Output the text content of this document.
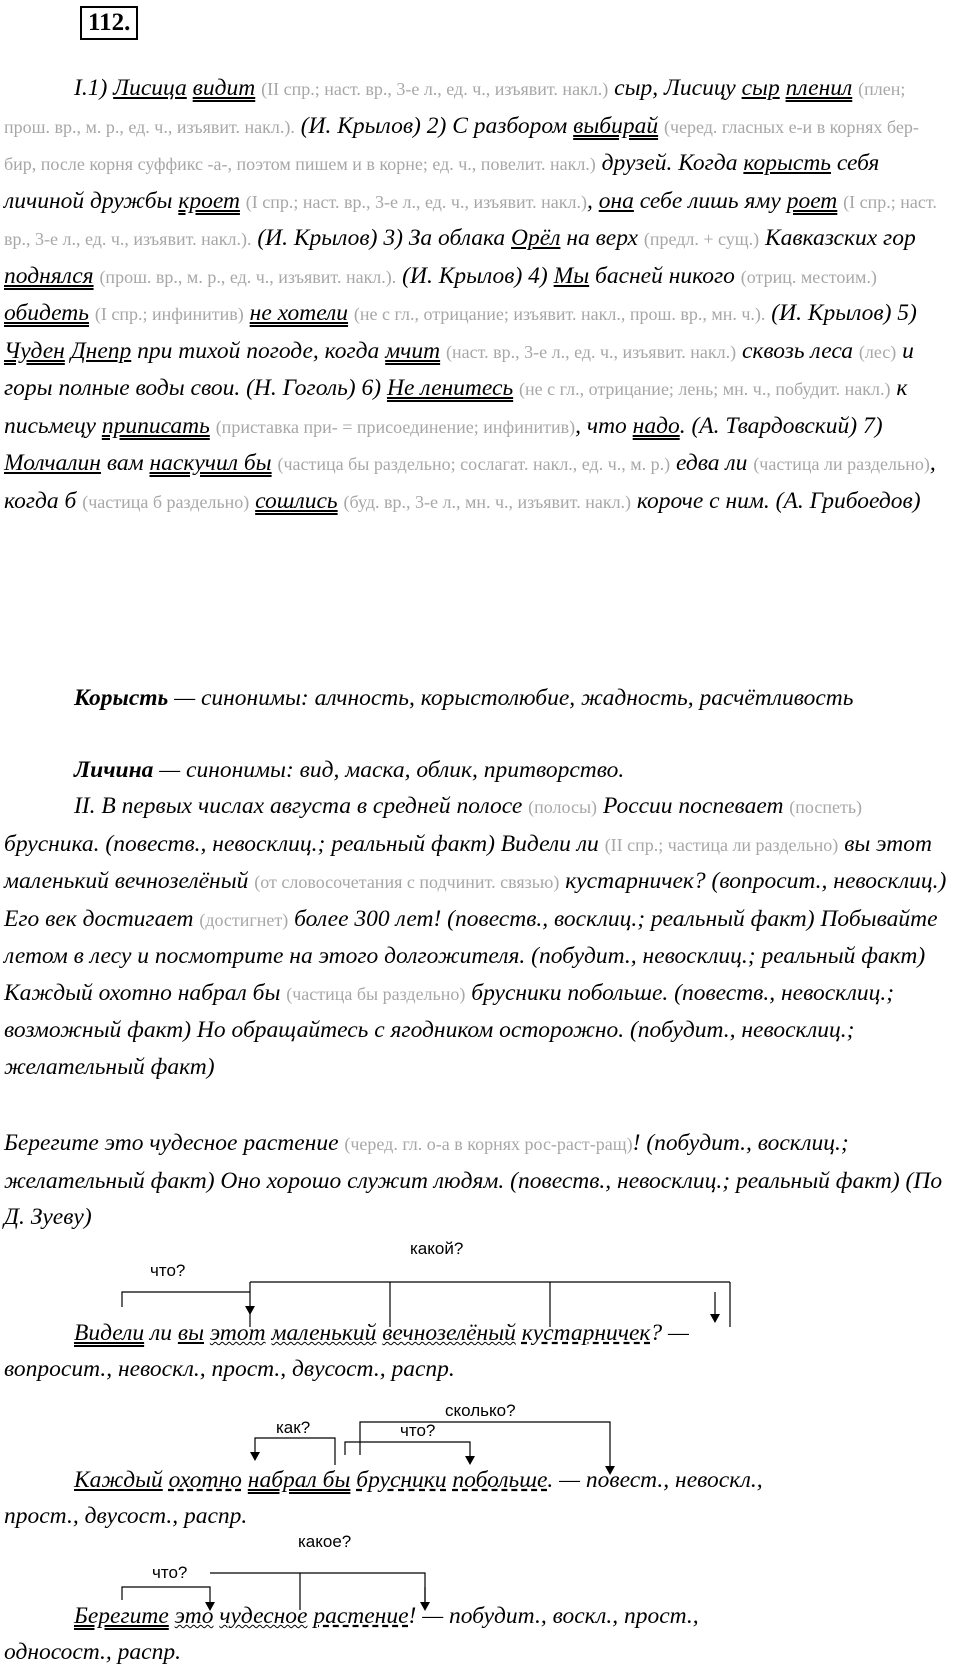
112.
I.1) Лисица видит (II спр.; наст. вр., 3-е л., ед. ч., изъявит. накл.) сыр, Лисицу сыр пленил (плен; прош. вр., м. р., ед. ч., изъявит. накл.). (И. Крылов) 2) С разбором выбирай (черед. гласных е-и в корнях бер-бир, после корня суффикс -а-, поэтом пишем и в корне; ед. ч., повелит. накл.) друзей. Когда корысть себя личиной дружбы кроет (I спр.; наст. вр., 3-е л., ед. ч., изъявит. накл.), она себе лишь яму роет (I спр.; наст. вр., 3-е л., ед. ч., изъявит. накл.). (И. Крылов) 3) За облака Орёл на верх (предл. + сущ.) Кавказских гор поднялся (прош. вр., м. р., ед. ч., изъявит. накл.). (И. Крылов) 4) Мы басней никого (отриц. местоим.) обидеть (I спр.; инфинитив) не хотели (не с гл., отрицание; изъявит. накл., прош. вр., мн. ч.). (И. Крылов) 5) Чуден Днепр при тихой погоде, когда мчит (наст. вр., 3-е л., ед. ч., изъявит. накл.) сквозь леса (лес) и горы полные воды свои. (Н. Гоголь) 6) Не ленитесь (не с гл., отрицание; лень; мн. ч., побудит. накл.) к письмецу приписать (приставка при- = присоединение; инфинитив), что надо. (А. Твардовский) 7) Молчалин вам наскучил бы (частица бы раздельно; сослагат. накл., ед. ч., м. р.) едва ли (частица ли раздельно), когда б (частица б раздельно) сошлись (буд. вр., 3-е л., мн. ч., изъявит. накл.) короче с ним. (А. Грибоедов)
Корысть — синонимы: алчность, корыстолюбие, жадность, расчётливость
Личина — синонимы: вид, маска, облик, притворство.
II. В первых числах августа в средней полосе (полосы) России поспевает (поспеть) брусника. (повеств., невосклиц.; реальный факт) Видели ли (II спр.; частица ли раздельно) вы этот маленький вечнозелёный (от словосочетания с подчинит. связью) кустарничек? (вопросит., невосклиц.) Его век достигает (достигнет) более 300 лет! (повеств., восклиц.; реальный факт) Побывайте летом в лесу и посмотрите на этого долгожителя. (побудит., невосклиц.; реальный факт) Каждый охотно набрал бы (частица бы раздельно) брусники побольше. (повеств., невосклиц.; возможный факт) Но обращайтесь с ягодником осторожно. (побудит., невосклиц.; желательный факт)
Берегите это чудесное растение (черед. гл. о-а в корнях рос-раст-ращ)! (побудит., восклиц.; желательный факт) Оно хорошо служит людям. (повеств., невосклиц.; реальный факт) (По Д. Зуеву)
какой?
что?
Видели ли вы этот маленький вечнозелёный кустарничек? —
вопросит., невоскл., прост., двусост., распр.
сколько?
как?	что?
Каждый охотно набрал бы брусники побольше. — повест., невоскл.,
прост., двусост., распр.
какое?
что?
Берегите это чудесное растение! — побудит., воскл., прост.,
односост., распр.
